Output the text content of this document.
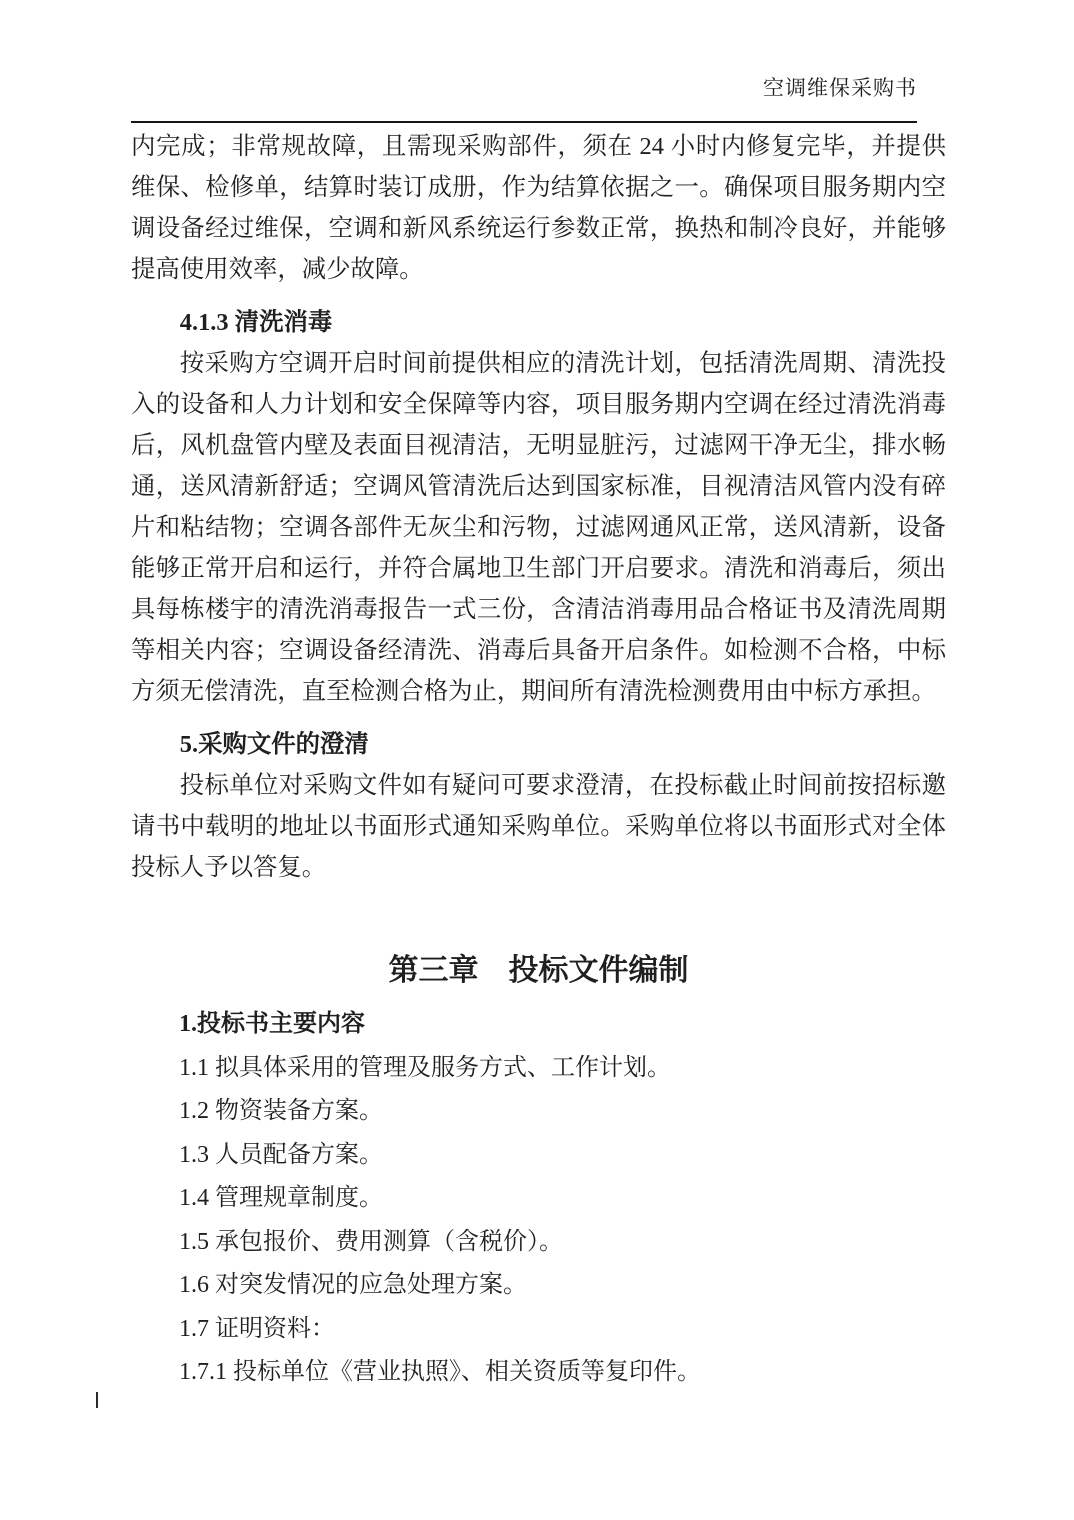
空调维保采购书

内完成；非常规故障，且需现采购部件，须在 24 小时内修复完毕，并提供维保、检修单，结算时装订成册，作为结算依据之一。确保项目服务期内空调设备经过维保，空调和新风系统运行参数正常，换热和制冷良好，并能够提高使用效率，减少故障。

4.1.3 清洗消毒

按采购方空调开启时间前提供相应的清洗计划，包括清洗周期、清洗投入的设备和人力计划和安全保障等内容，项目服务期内空调在经过清洗消毒后，风机盘管内壁及表面目视清洁，无明显脏污，过滤网干净无尘，排水畅通，送风清新舒适；空调风管清洗后达到国家标准，目视清洁风管内没有碎片和粘结物；空调各部件无灰尘和污物，过滤网通风正常，送风清新，设备能够正常开启和运行，并符合属地卫生部门开启要求。清洗和消毒后，须出具每栋楼宇的清洗消毒报告一式三份，含清洁消毒用品合格证书及清洗周期等相关内容；空调设备经清洗、消毒后具备开启条件。如检测不合格，中标方须无偿清洗，直至检测合格为止，期间所有清洗检测费用由中标方承担。

5.采购文件的澄清

投标单位对采购文件如有疑问可要求澄清，在投标截止时间前按招标邀请书中载明的地址以书面形式通知采购单位。采购单位将以书面形式对全体投标人予以答复。

第三章　投标文件编制

1.投标书主要内容

1.1 拟具体采用的管理及服务方式、工作计划。

1.2 物资装备方案。

1.3 人员配备方案。

1.4 管理规章制度。

1.5 承包报价、费用测算（含税价）。

1.6 对突发情况的应急处理方案。

1.7 证明资料：

1.7.1 投标单位《营业执照》、相关资质等复印件。
